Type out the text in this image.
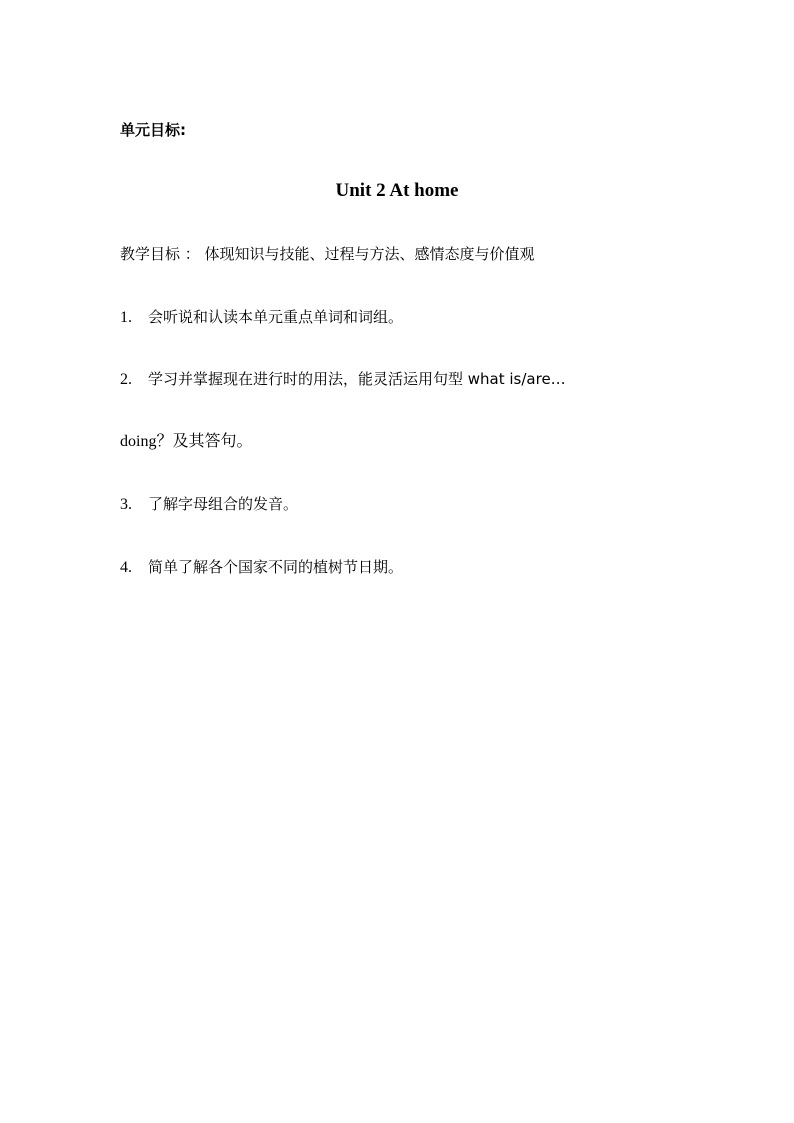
单元目标:
Unit 2 At home
教学目标 ： 体现知识与技能、过程与方法、感情态度与价值观
1. 会听说和认读本单元重点单词和词组。
2. 学习并掌握现在进行时的用法，能灵活运用句型 what is/are…
doing？及其答句。
3. 了解字母组合的发音。
4. 简单了解各个国家不同的植树节日期。
